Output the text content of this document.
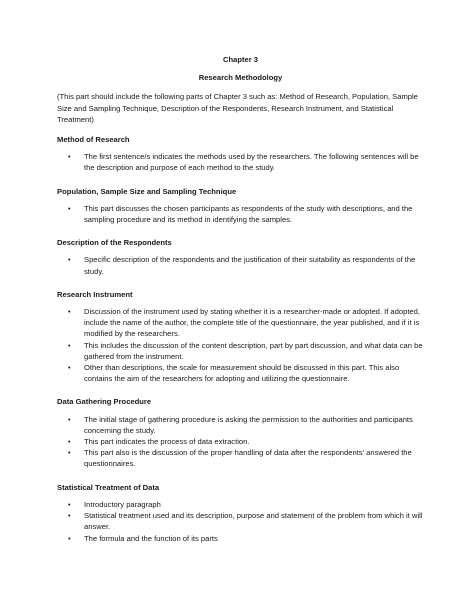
Chapter 3
Research Methodology
(This part should include the following parts of Chapter 3 such as: Method of Research, Population, Sample Size and Sampling Technique, Description of the Respondents, Research Instrument, and Statistical Treatment)
Method of Research
• The first sentence/s indicates the methods used by the researchers. The following sentences will be the description and purpose of each method to the study.
Population, Sample Size and Sampling Technique
• This part discusses the chosen participants as respondents of the study with descriptions, and the sampling procedure and its method in identifying the samples.
Description of the Respondents
• Specific description of the respondents and the justification of their suitability as respondents of the study.
Research Instrument
• Discussion of the instrument used by stating whether it is a researcher-made or adopted. If adopted, include the name of the author, the complete title of the questionnaire, the year published, and if it is modified by the researchers.
• This includes the discussion of the content description, part by part discussion, and what data can be gathered from the instrument.
• Other than descriptions, the scale for measurement should be discussed in this part. This also contains the aim of the researchers for adopting and utilizing the questionnaire.
Data Gathering Procedure
• The initial stage of gathering procedure is asking the permission to the authorities and participants concerning the study.
• This part indicates the process of data extraction.
• This part also is the discussion of the proper handling of data after the respondents' answered the questionnaires.
Statistical Treatment of Data
• Introductory paragraph
• Statistical treatment used and its description, purpose and statement of the problem from which it will answer.
• The formula and the function of its parts
